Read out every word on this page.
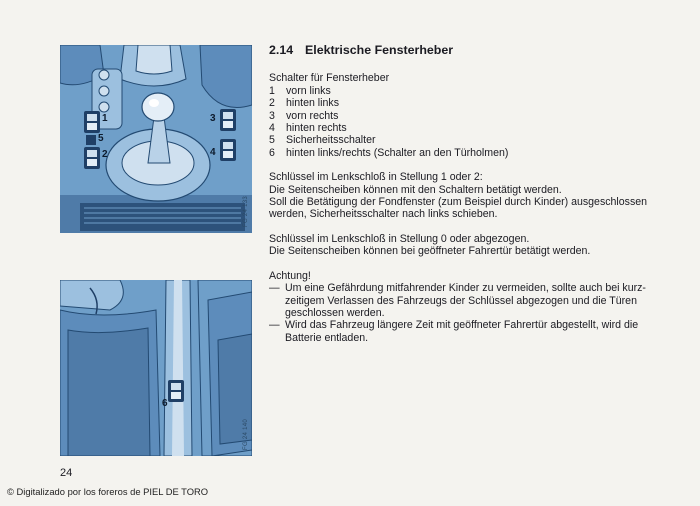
1
2
3
4
5
FG 24 133
6
FG 24 140
2.14 Elektrische Fensterheber

Schalter für Fensterheber

1	vorn links
2	hinten links
3	vorn rechts
4	hinten rechts
5	Sicherheitsschalter
6	hinten links/rechts (Schalter an den Türholmen)

Schlüssel im Lenkschloß in Stellung 1 oder 2:

Die Seitenscheiben können mit den Schaltern betätigt werden.

Soll die Betätigung der Fondfenster (zum Beispiel durch Kinder) ausgeschlossen

werden, Sicherheitsschalter nach links schieben.

Schlüssel im Lenkschloß in Stellung 0 oder abgezogen.

Die Seitenscheiben können bei geöffneter Fahrertür betätigt werden.

Achtung!

— Um eine Gefährdung mitfahrender Kinder zu vermeiden, sollte auch bei kurz-

zeitigem Verlassen des Fahrzeugs der Schlüssel abgezogen und die Türen

geschlossen werden.

— Wird das Fahrzeug längere Zeit mit geöffneter Fahrertür abgestellt, wird die

Batterie entladen.

24
© Digitalizado por los foreros de PIEL DE TORO
